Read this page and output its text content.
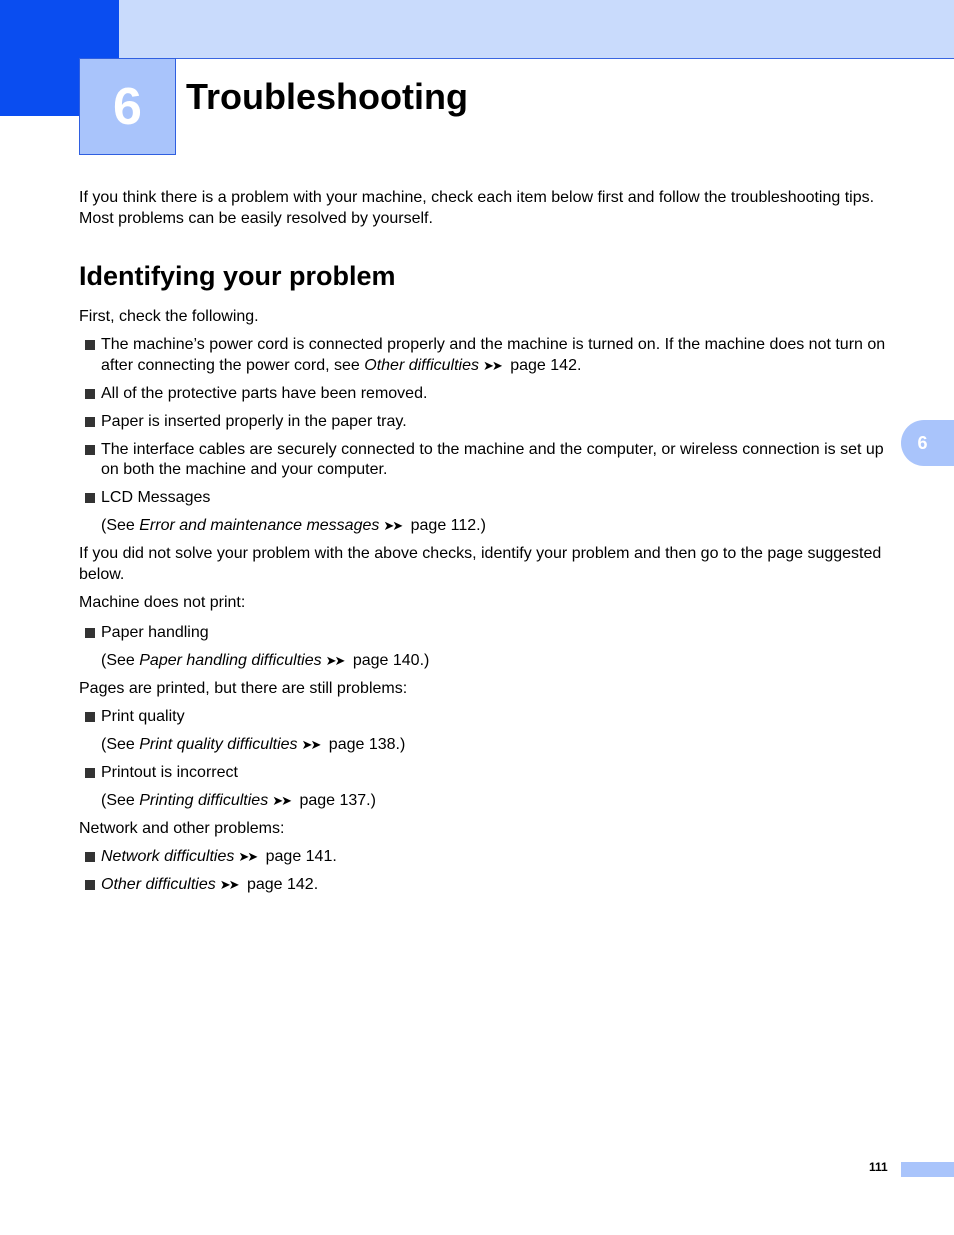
6	Troubleshooting
6

If you think there is a problem with your machine, check each item below first and follow the troubleshooting tips. Most problems can be easily resolved by yourself.

Identifying your problem

First, check the following.

The machine’s power cord is connected properly and the machine is turned on. If the machine does not turn on after connecting the power cord, see Other difficulties ➤➤ page 142.
All of the protective parts have been removed.
Paper is inserted properly in the paper tray.
The interface cables are securely connected to the machine and the computer, or wireless connection is set up on both the machine and your computer.
LCD Messages

(See Error and maintenance messages ➤➤ page 112.)

If you did not solve your problem with the above checks, identify your problem and then go to the page suggested below.

Machine does not print:

Paper handling

(See Paper handling difficulties ➤➤ page 140.)

Pages are printed, but there are still problems:

Print quality

(See Print quality difficulties ➤➤ page 138.)

Printout is incorrect

(See Printing difficulties ➤➤ page 137.)

Network and other problems:

Network difficulties ➤➤ page 141.
Other difficulties ➤➤ page 142.
111
